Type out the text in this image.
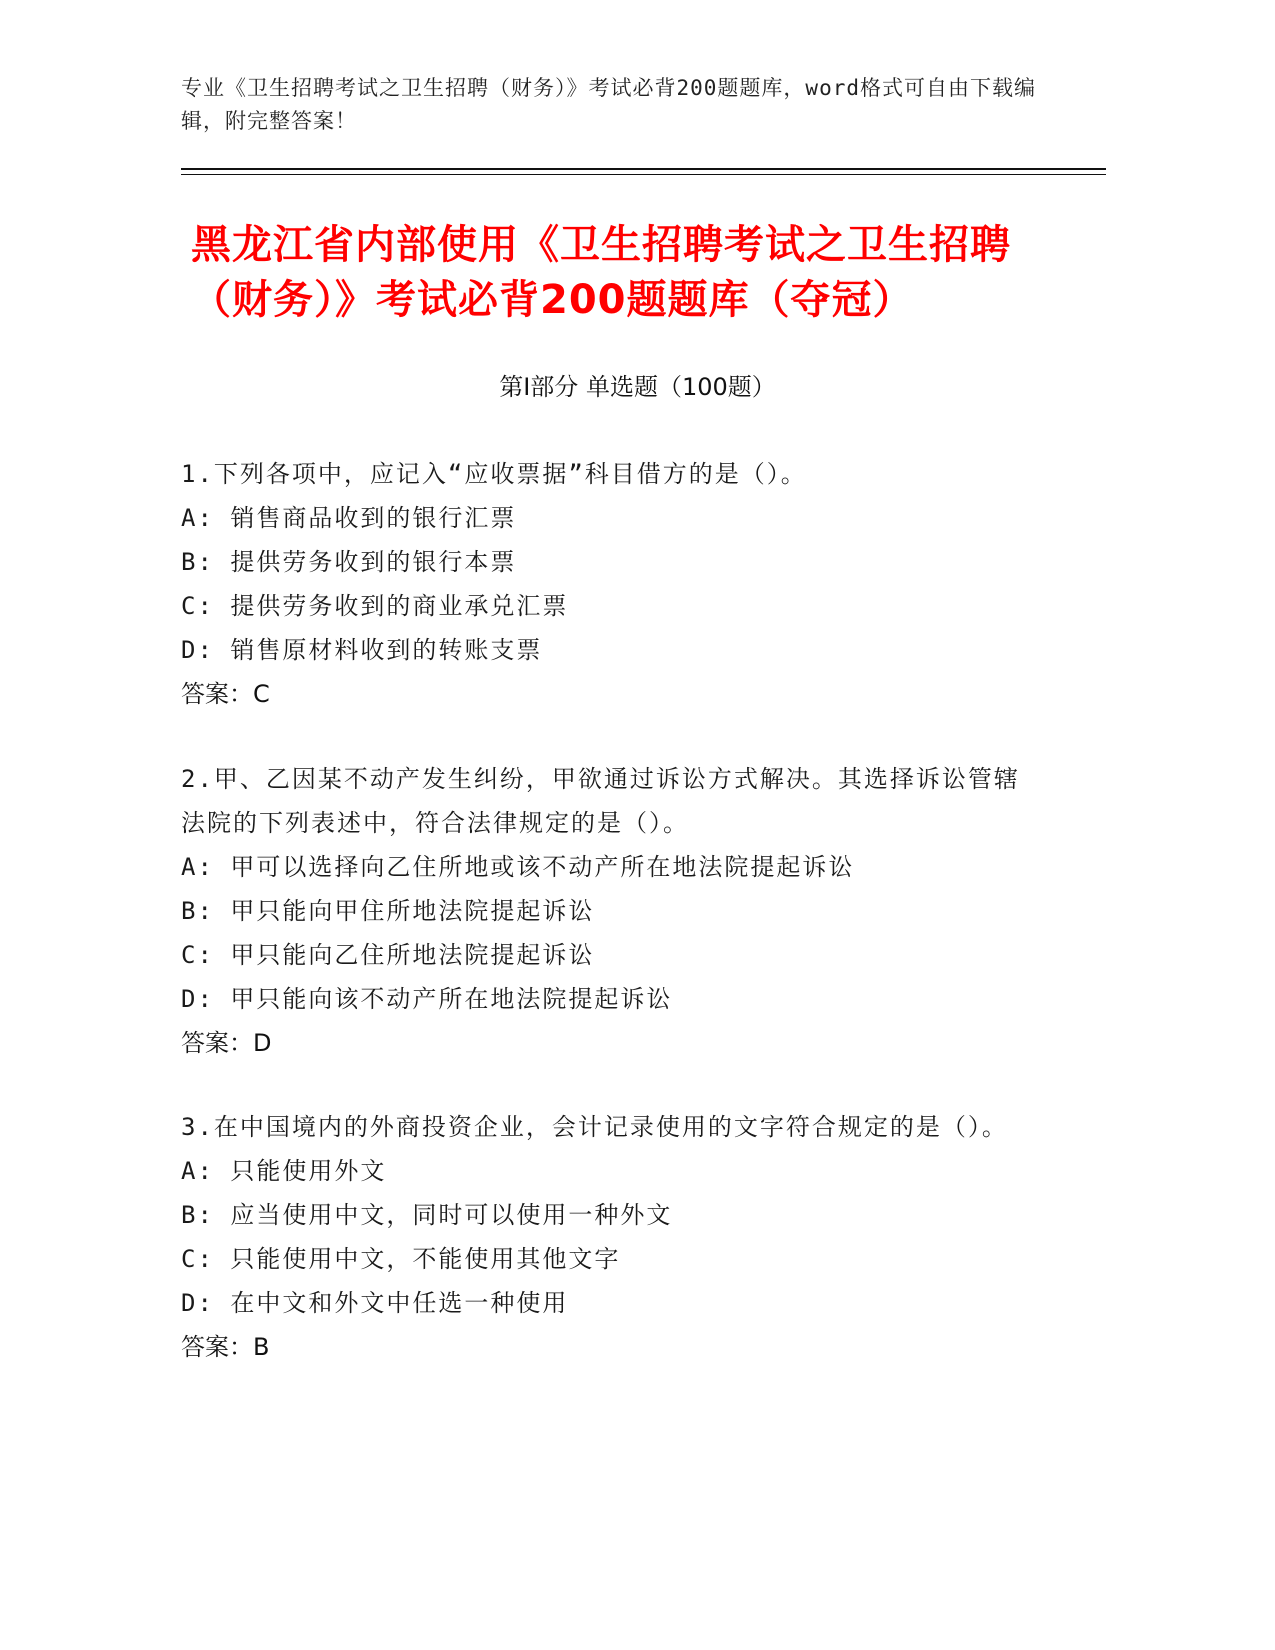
专业《卫生招聘考试之卫生招聘（财务）》考试必背200题题库，word格式可自由下载编辑，附完整答案！
黑龙江省内部使用《卫生招聘考试之卫生招聘（财务）》考试必背200题题库（夺冠）
第Ⅰ部分 单选题（100题）
1.下列各项中，应记入“应收票据”科目借方的是（）。
A: 销售商品收到的银行汇票
B: 提供劳务收到的银行本票
C: 提供劳务收到的商业承兑汇票
D: 销售原材料收到的转账支票
答案：C
2.甲、乙因某不动产发生纠纷，甲欲通过诉讼方式解决。其选择诉讼管辖法院的下列表述中，符合法律规定的是（）。
A: 甲可以选择向乙住所地或该不动产所在地法院提起诉讼
B: 甲只能向甲住所地法院提起诉讼
C: 甲只能向乙住所地法院提起诉讼
D: 甲只能向该不动产所在地法院提起诉讼
答案：D
3.在中国境内的外商投资企业，会计记录使用的文字符合规定的是（）。
A: 只能使用外文
B: 应当使用中文，同时可以使用一种外文
C: 只能使用中文，不能使用其他文字
D: 在中文和外文中任选一种使用
答案：B
